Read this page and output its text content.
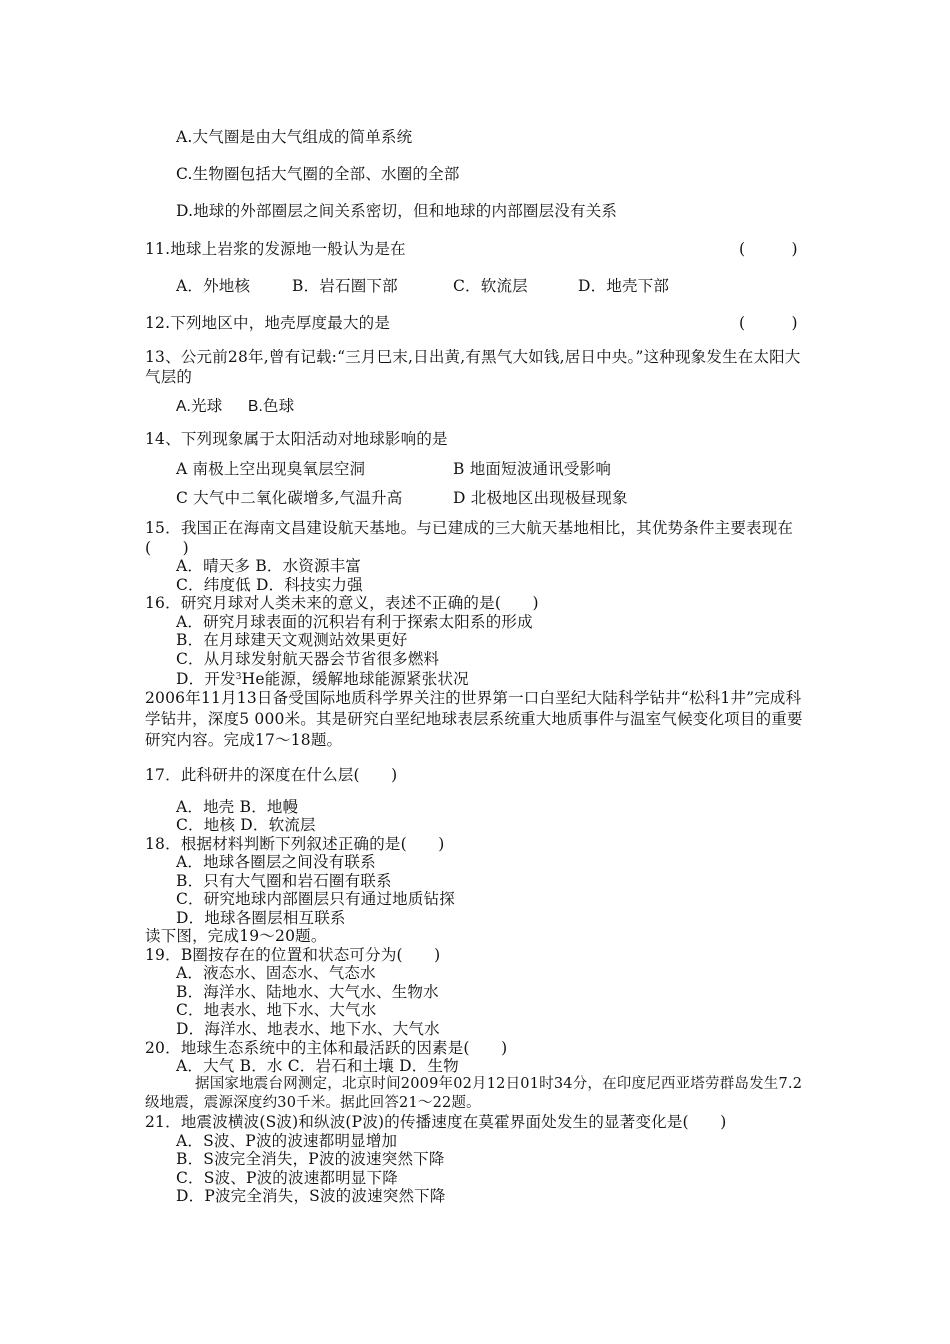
A.大气圈是由大气组成的简单系统
C.生物圈包括大气圈的全部、水圈的全部
D.地球的外部圈层之间关系密切，但和地球的内部圈层没有关系
11.地球上岩浆的发源地一般认为是在	(　　　)
A．外地核	B．岩石圈下部	C．软流层	D．地壳下部
12.下列地区中，地壳厚度最大的是	(　　　)
13、公元前28年,曾有记载:“三月巳末,日出黄,有黑气大如钱,居日中央。”这种现象发生在太阳大气层的
A.光球 B.色球
14、下列现象属于太阳活动对地球影响的是
A 南极上空出现臭氧层空洞	B 地面短波通讯受影响
C 大气中二氧化碳增多,气温升高	D 北极地区出现极昼现象
15．我国正在海南文昌建设航天基地。与已建成的三大航天基地相比，其优势条件主要表现在(　　)
A．晴天多 B．水资源丰富
C．纬度低 D．科技实力强
16．研究月球对人类未来的意义，表述不正确的是(　　)
A．研究月球表面的沉积岩有利于探索太阳系的形成
B．在月球建天文观测站效果更好
C．从月球发射航天器会节省很多燃料
D．开发$^3$He能源，缓解地球能源紧张状况
2006年11月13日备受国际地质科学界关注的世界第一口白垩纪大陆科学钻井“松科1井”完成科学钻井，深度5 000米。其是研究白垩纪地球表层系统重大地质事件与温室气候变化项目的重要研究内容。完成17～18题。
17．此科研井的深度在什么层(　　)
A．地壳 B．地幔
C．地核 D．软流层
18．根据材料判断下列叙述正确的是(　　)
A．地球各圈层之间没有联系
B．只有大气圈和岩石圈有联系
C．研究地球内部圈层只有通过地质钻探
D．地球各圈层相互联系
读下图，完成19～20题。
19．B圈按存在的位置和状态可分为(　　)
A．液态水、固态水、气态水
B．海洋水、陆地水、大气水、生物水
C．地表水、地下水、大气水
D．海洋水、地表水、地下水、大气水
20．地球生态系统中的主体和最活跃的因素是(　　)
A．大气 B．水 C．岩石和土壤 D．生物
据国家地震台网测定，北京时间2009年02月12日01时34分，在印度尼西亚塔劳群岛发生7.2级地震，震源深度约30千米。据此回答21～22题。
21．地震波横波(S波)和纵波(P波)的传播速度在莫霍界面处发生的显著变化是(　　)
A．S波、P波的波速都明显增加
B．S波完全消失，P波的波速突然下降
C．S波、P波的波速都明显下降
D．P波完全消失，S波的波速突然下降
